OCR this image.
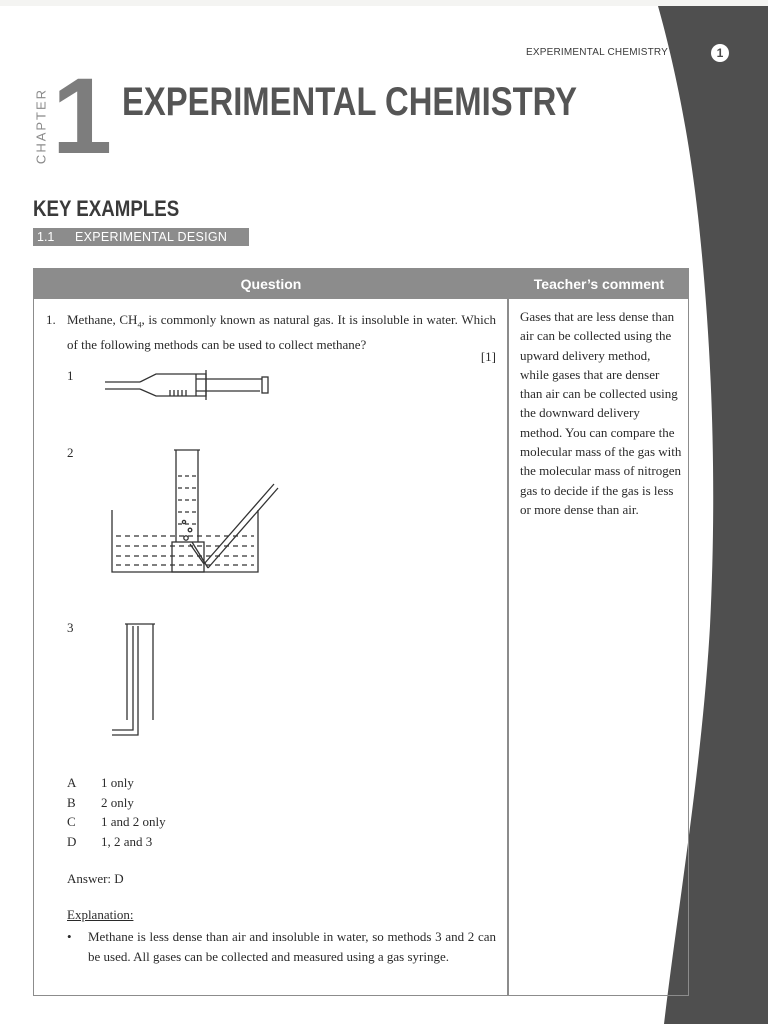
EXPERIMENTAL CHEMISTRY	1
CHAPTER 1 EXPERIMENTAL CHEMISTRY
KEY EXAMPLES
1.1 EXPERIMENTAL DESIGN
Question	Teacher’s comment
1. Methane, $CH_4$, is commonly known as natural gas. It is insoluble in water. Which of the following methods can be used to collect methane?
[1]
1
2
3
A 1 only
B 2 only
C 1 and 2 only
D 1, 2 and 3
Answer: D
Explanation:
• Methane is less dense than air and insoluble in water, so methods 3 and 2 can be used. All gases can be collected and measured using a gas syringe.
Gases that are less dense than air can be collected using the upward delivery method, while gases that are denser than air can be collected using the downward delivery method. You can compare the molecular mass of the gas with the molecular mass of nitrogen gas to decide if the gas is less or more dense than air.
